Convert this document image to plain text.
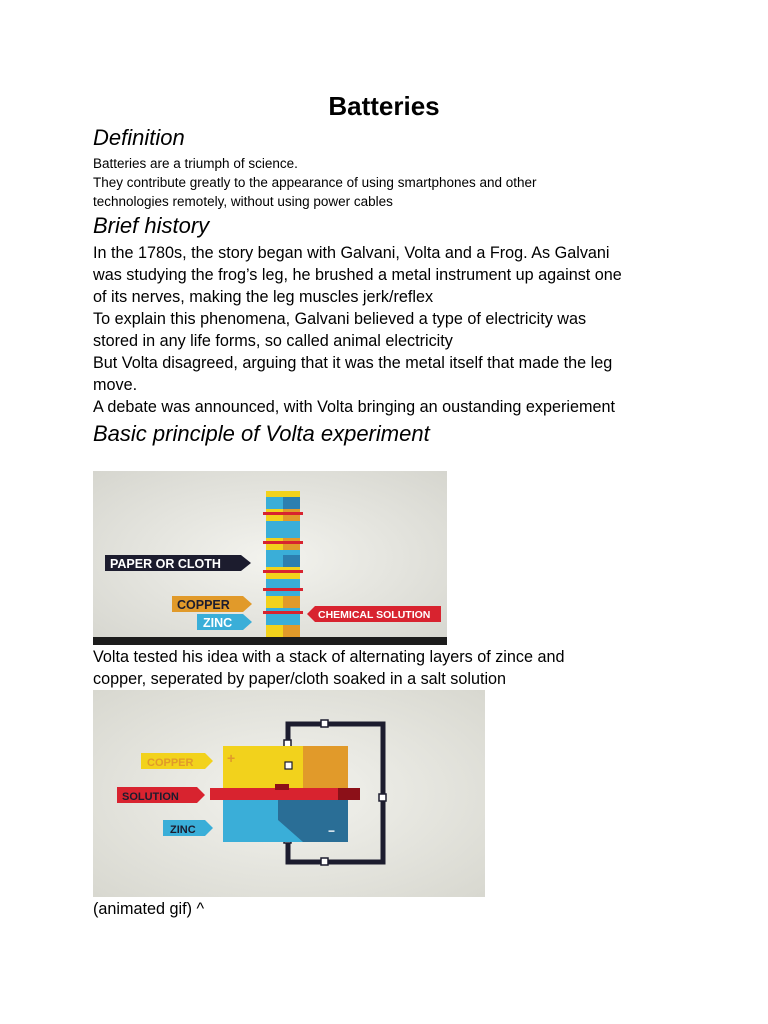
Batteries
Definition
Batteries are a triumph of science.
They contribute greatly to the appearance of using smartphones and other
technologies remotely, without using power cables
Brief history
In the 1780s, the story began with Galvani, Volta and a Frog. As Galvani
was studying the frog’s leg, he brushed a metal instrument up against one
of its nerves, making the leg muscles jerk/reflex
To explain this phenomena, Galvani believed a type of electricity was
stored in any life forms, so called animal electricity
But Volta disagreed, arguing that it was the metal itself that made the leg
move.
A debate was announced, with Volta bringing an oustanding experiement
Basic principle of Volta experiment
PAPER OR CLOTH
COPPER
ZINC
CHEMICAL SOLUTION
Volta tested his idea with a stack of alternating layers of zince and
copper, seperated by paper/cloth soaked in a salt solution
+
−
COPPER
SOLUTION
ZINC
(animated gif) ^
